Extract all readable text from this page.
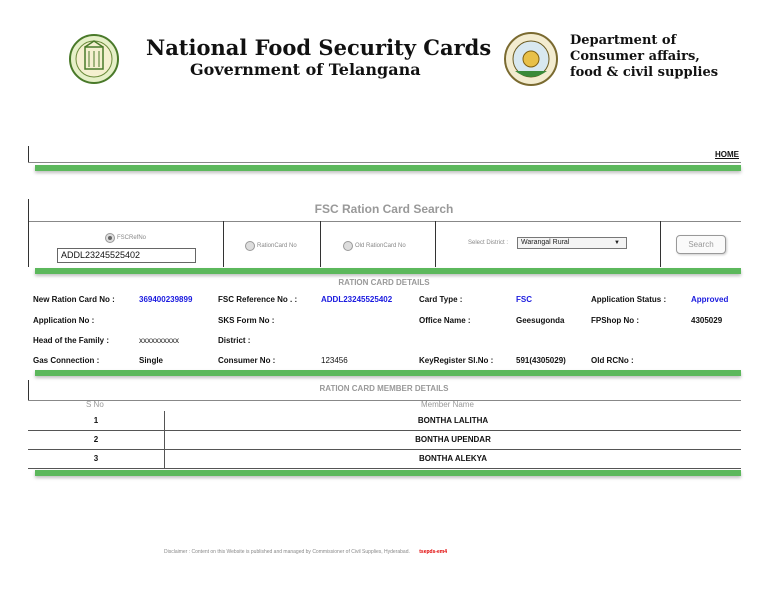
National Food Security Cards
Government of Telangana
Department of
Consumer affairs,
food & civil supplies
HOME
FSC Ration Card Search
FSCRefNo
ADDL23245525402
RationCard No	Old RationCard No	Select District :	Warangal Rural	▼	Search
RATION CARD DETAILS
New Ration Card No :	369400239899	FSC Reference No . :	ADDL23245525402	Card Type :	FSC	Application Status :	Approved
Application No :	SKS Form No :	Office Name :	Geesugonda	FPShop No :	4305029
Head of the Family :	xxxxxxxxxx	District :
Gas Connection :	Single	Consumer No :	123456	KeyRegister Sl.No :	591(4305029)	Old RCNo :
RATION CARD MEMBER DETAILS
S No	Member Name
1	BONTHA LALITHA
2	BONTHA UPENDAR
3	BONTHA ALEKYA
Disclaimer : Content on this Website is published and managed by Commissioner of Civil Supplies, Hyderabad. tsepds-em4
